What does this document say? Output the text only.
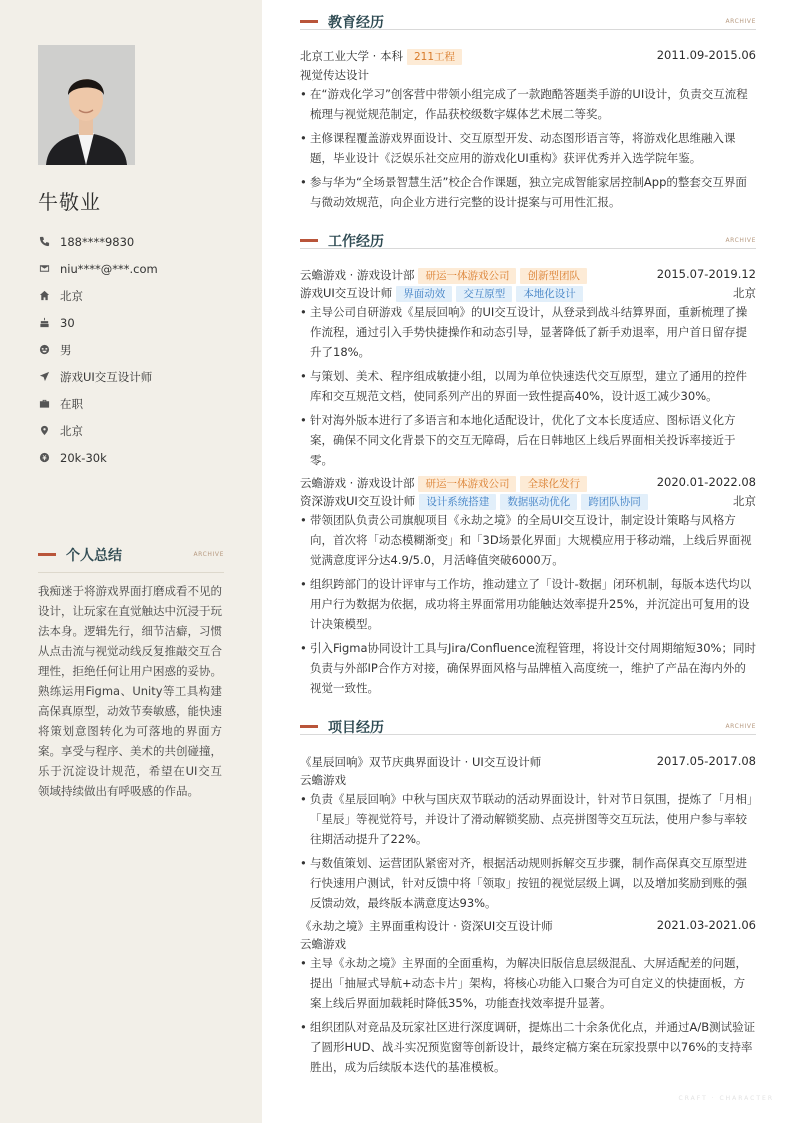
牛敬业
188****9830
niu****@***.com
北京
30
男
游戏UI交互设计师
在职
北京
20k-30k
个人总结	ARCHIVE
我痴迷于将游戏界面打磨成看不见的设计，让玩家在直觉触达中沉浸于玩法本身。逻辑先行，细节洁癖，习惯从点击流与视觉动线反复推敲交互合理性，拒绝任何让用户困惑的妥协。熟练运用Figma、Unity等工具构建高保真原型，动效节奏敏感，能快速将策划意图转化为可落地的界面方案。享受与程序、美术的共创碰撞，乐于沉淀设计规范，希望在UI交互领域持续做出有呼吸感的作品。
教育经历	ARCHIVE
北京工业大学 · 本科 211工程	2011.09-2015.06
视觉传达设计
• 在“游戏化学习”创客营中带领小组完成了一款跑酷答题类手游的UI设计，负责交互流程梳理与视觉规范制定，作品获校级数字媒体艺术展二等奖。
• 主修课程覆盖游戏界面设计、交互原型开发、动态图形语言等，将游戏化思维融入课题，毕业设计《泛娱乐社交应用的游戏化UI重构》获评优秀并入选学院年鉴。
• 参与华为“全场景智慧生活”校企合作课题，独立完成智能家居控制App的整套交互界面与微动效规范，向企业方进行完整的设计提案与可用性汇报。
工作经历	ARCHIVE
云蟾游戏 · 游戏设计部 研运一体游戏公司 创新型团队	2015.07-2019.12
游戏UI交互设计师 界面动效 交互原型 本地化设计	北京
• 主导公司自研游戏《星辰回响》的UI交互设计，从登录到战斗结算界面，重新梳理了操作流程，通过引入手势快捷操作和动态引导，显著降低了新手劝退率，用户首日留存提升了18%。
• 与策划、美术、程序组成敏捷小组，以周为单位快速迭代交互原型，建立了通用的控件库和交互规范文档，使同系列产出的界面一致性提高40%，设计返工减少30%。
• 针对海外版本进行了多语言和本地化适配设计，优化了文本长度适应、图标语义化方案，确保不同文化背景下的交互无障碍，后在日韩地区上线后界面相关投诉率接近于零。
云蟾游戏 · 游戏设计部 研运一体游戏公司 全球化发行	2020.01-2022.08
资深游戏UI交互设计师 设计系统搭建 数据驱动优化 跨团队协同	北京
• 带领团队负责公司旗舰项目《永劫之境》的全局UI交互设计，制定设计策略与风格方向，首次将「动态模糊渐变」和「3D场景化界面」大规模应用于移动端，上线后界面视觉满意度评分达4.9/5.0，月活峰值突破6000万。
• 组织跨部门的设计评审与工作坊，推动建立了「设计-数据」闭环机制，每版本迭代均以用户行为数据为依据，成功将主界面常用功能触达效率提升25%，并沉淀出可复用的设计决策模型。
• 引入Figma协同设计工具与Jira/Confluence流程管理，将设计交付周期缩短30%；同时负责与外部IP合作方对接，确保界面风格与品牌植入高度统一，维护了产品在海内外的视觉一致性。
项目经历	ARCHIVE
《星辰回响》双节庆典界面设计 · UI交互设计师	2017.05-2017.08
云蟾游戏
• 负责《星辰回响》中秋与国庆双节联动的活动界面设计，针对节日氛围，提炼了「月相」「星辰」等视觉符号，并设计了滑动解锁奖励、点亮拼图等交互玩法，使用户参与率较往期活动提升了22%。
• 与数值策划、运营团队紧密对齐，根据活动规则拆解交互步骤，制作高保真交互原型进行快速用户测试，针对反馈中将「领取」按钮的视觉层级上调，以及增加奖励到账的强反馈动效，最终版本满意度达93%。
《永劫之境》主界面重构设计 · 资深UI交互设计师	2021.03-2021.06
云蟾游戏
• 主导《永劫之境》主界面的全面重构，为解决旧版信息层级混乱、大屏适配差的问题，提出「抽屉式导航+动态卡片」架构，将核心功能入口聚合为可自定义的快捷面板，方案上线后界面加载耗时降低35%，功能查找效率提升显著。
• 组织团队对竞品及玩家社区进行深度调研，提炼出二十余条优化点，并通过A/B测试验证了圆形HUD、战斗实况预览窗等创新设计，最终定稿方案在玩家投票中以76%的支持率胜出，成为后续版本迭代的基准模板。
CRAFT · CHARACTER
